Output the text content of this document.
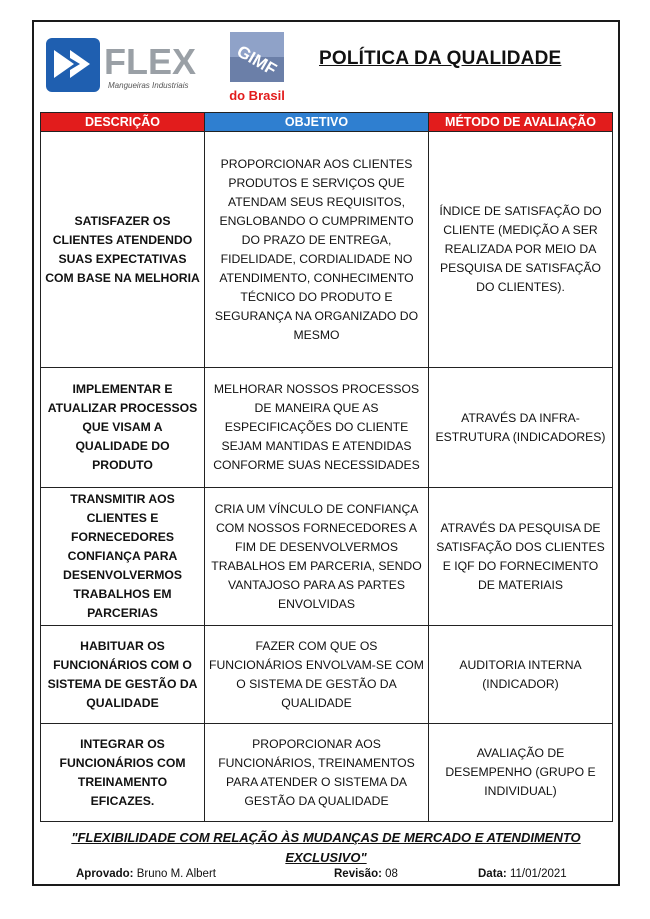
FLEX
Mangueiras Industriais
GIMF
do Brasil
POLÍTICA DA QUALIDADE
DESCRIÇÃO	OBJETIVO	MÉTODO DE AVALIAÇÃO
SATISFAZER OS CLIENTES ATENDENDO SUAS EXPECTATIVAS COM BASE NA MELHORIA	PROPORCIONAR AOS CLIENTES PRODUTOS E SERVIÇOS QUE ATENDAM SEUS REQUISITOS, ENGLOBANDO O CUMPRIMENTO DO PRAZO DE ENTREGA, FIDELIDADE, CORDIALIDADE NO ATENDIMENTO, CONHECIMENTO TÉCNICO DO PRODUTO E SEGURANÇA NA ORGANIZADO DO MESMO	ÍNDICE DE SATISFAÇÃO DO CLIENTE (MEDIÇÃO A SER REALIZADA POR MEIO DA PESQUISA DE SATISFAÇÃO DO CLIENTES).
IMPLEMENTAR E ATUALIZAR PROCESSOS QUE VISAM A QUALIDADE DO PRODUTO	MELHORAR NOSSOS PROCESSOS DE MANEIRA QUE AS ESPECIFICAÇÕES DO CLIENTE SEJAM MANTIDAS E ATENDIDAS CONFORME SUAS NECESSIDADES	ATRAVÉS DA INFRA-ESTRUTURA (INDICADORES)
TRANSMITIR AOS CLIENTES E FORNECEDORES CONFIANÇA PARA DESENVOLVERMOS TRABALHOS EM PARCERIAS	CRIA UM VÍNCULO DE CONFIANÇA COM NOSSOS FORNECEDORES A FIM DE DESENVOLVERMOS TRABALHOS EM PARCERIA, SENDO VANTAJOSO PARA AS PARTES ENVOLVIDAS	ATRAVÉS DA PESQUISA DE SATISFAÇÃO DOS CLIENTES E IQF DO FORNECIMENTO DE MATERIAIS
HABITUAR OS FUNCIONÁRIOS COM O SISTEMA DE GESTÃO DA QUALIDADE	FAZER COM QUE OS FUNCIONÁRIOS ENVOLVAM-SE COM O SISTEMA DE GESTÃO DA QUALIDADE	AUDITORIA INTERNA (INDICADOR)
INTEGRAR OS FUNCIONÁRIOS COM TREINAMENTO EFICAZES.	PROPORCIONAR AOS FUNCIONÁRIOS, TREINAMENTOS PARA ATENDER O SISTEMA DA GESTÃO DA QUALIDADE	AVALIAÇÃO DE DESEMPENHO (GRUPO E INDIVIDUAL)
"FLEXIBILIDADE COM RELAÇÃO ÀS MUDANÇAS DE MERCADO E ATENDIMENTO EXCLUSIVO"
Aprovado: Bruno M. Albert	Revisão: 08	Data: 11/01/2021
